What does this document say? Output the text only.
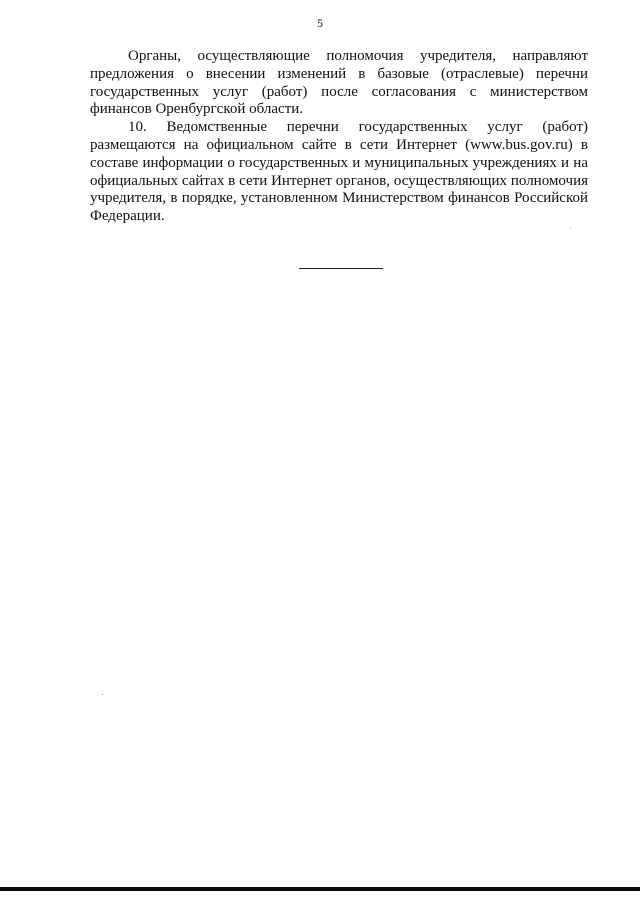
5

Органы, осуществляющие полномочия учредителя, направляют предложения о внесении изменений в базовые (отраслевые) перечни государственных услуг (работ) после согласования с министерством финансов Оренбургской области.

10. Ведомственные перечни государственных услуг (работ) размещаются на официальном сайте в сети Интернет (www.bus.gov.ru) в составе информации о государственных и муниципальных учреждениях и на официальных сайтах в сети Интернет органов, осуществляющих полномочия учредителя, в порядке, установленном Министерством финансов Российской Федерации.
